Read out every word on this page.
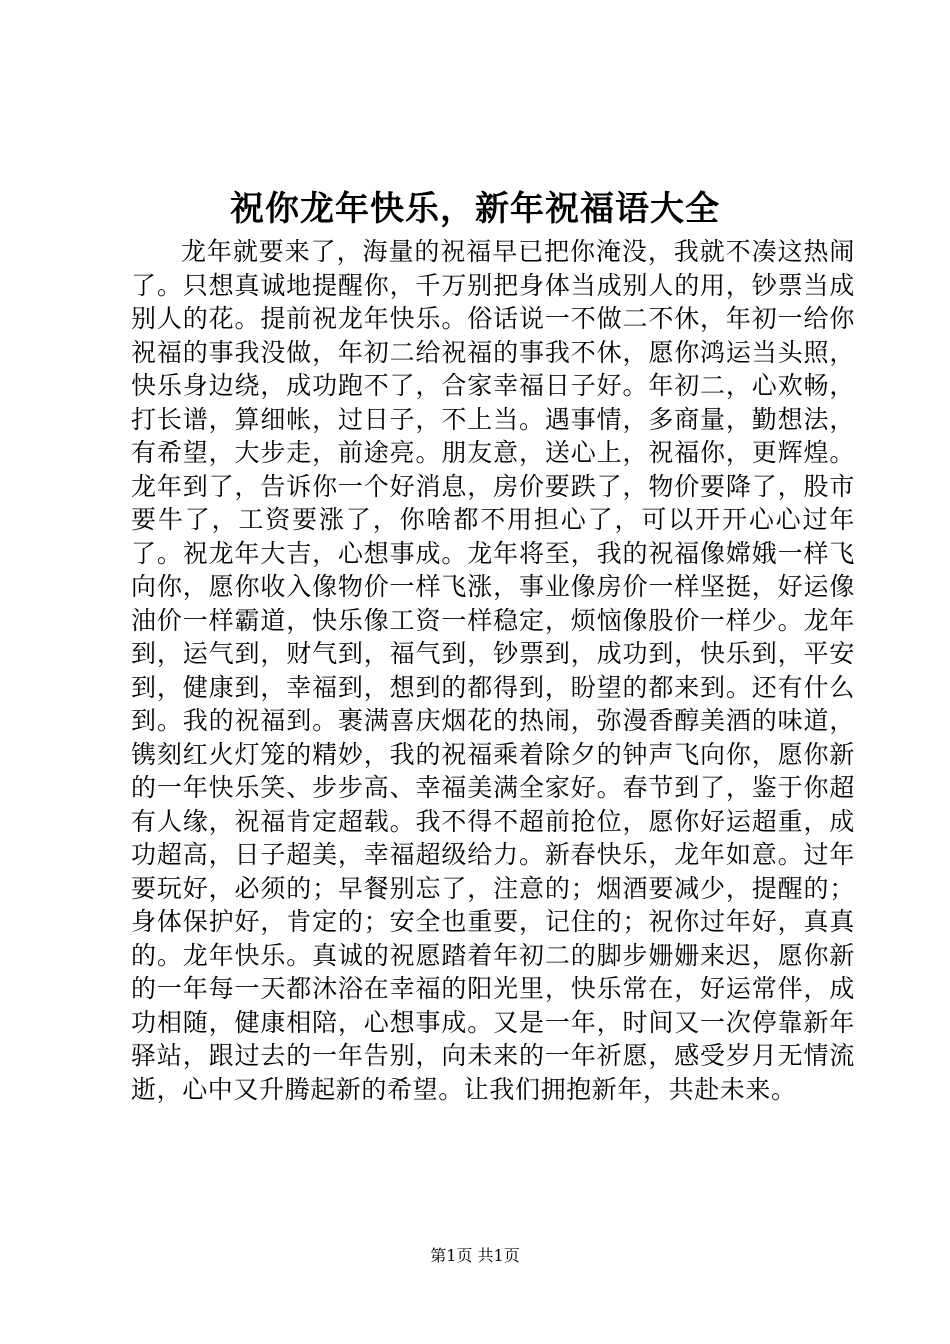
祝你龙年快乐，新年祝福语大全

龙年就要来了，海量的祝福早已把你淹没，我就不凑这热闹了。只想真诚地提醒你，千万别把身体当成别人的用，钞票当成别人的花。提前祝龙年快乐。俗话说一不做二不休，年初一给你祝福的事我没做，年初二给祝福的事我不休，愿你鸿运当头照，快乐身边绕，成功跑不了，合家幸福日子好。年初二，心欢畅，打长谱，算细帐，过日子，不上当。遇事情，多商量，勤想法，有希望，大步走，前途亮。朋友意，送心上，祝福你，更辉煌。龙年到了，告诉你一个好消息，房价要跌了，物价要降了，股市要牛了，工资要涨了，你啥都不用担心了，可以开开心心过年了。祝龙年大吉，心想事成。龙年将至，我的祝福像嫦娥一样飞向你，愿你收入像物价一样飞涨，事业像房价一样坚挺，好运像油价一样霸道，快乐像工资一样稳定，烦恼像股价一样少。龙年到，运气到，财气到，福气到，钞票到，成功到，快乐到，平安到，健康到，幸福到，想到的都得到，盼望的都来到。还有什么到。我的祝福到。裹满喜庆烟花的热闹，弥漫香醇美酒的味道，镌刻红火灯笼的精妙，我的祝福乘着除夕的钟声飞向你，愿你新的一年快乐笑、步步高、幸福美满全家好。春节到了，鉴于你超有人缘，祝福肯定超载。我不得不超前抢位，愿你好运超重，成功超高，日子超美，幸福超级给力。新春快乐，龙年如意。过年要玩好，必须的；早餐别忘了，注意的；烟酒要减少，提醒的；身体保护好，肯定的；安全也重要，记住的；祝你过年好，真真的。龙年快乐。真诚的祝愿踏着年初二的脚步姗姗来迟，愿你新的一年每一天都沐浴在幸福的阳光里，快乐常在，好运常伴，成功相随，健康相陪，心想事成。又是一年，时间又一次停靠新年驿站，跟过去的一年告别，向未来的一年祈愿，感受岁月无情流逝，心中又升腾起新的希望。让我们拥抱新年，共赴未来。

第1页 共1页
